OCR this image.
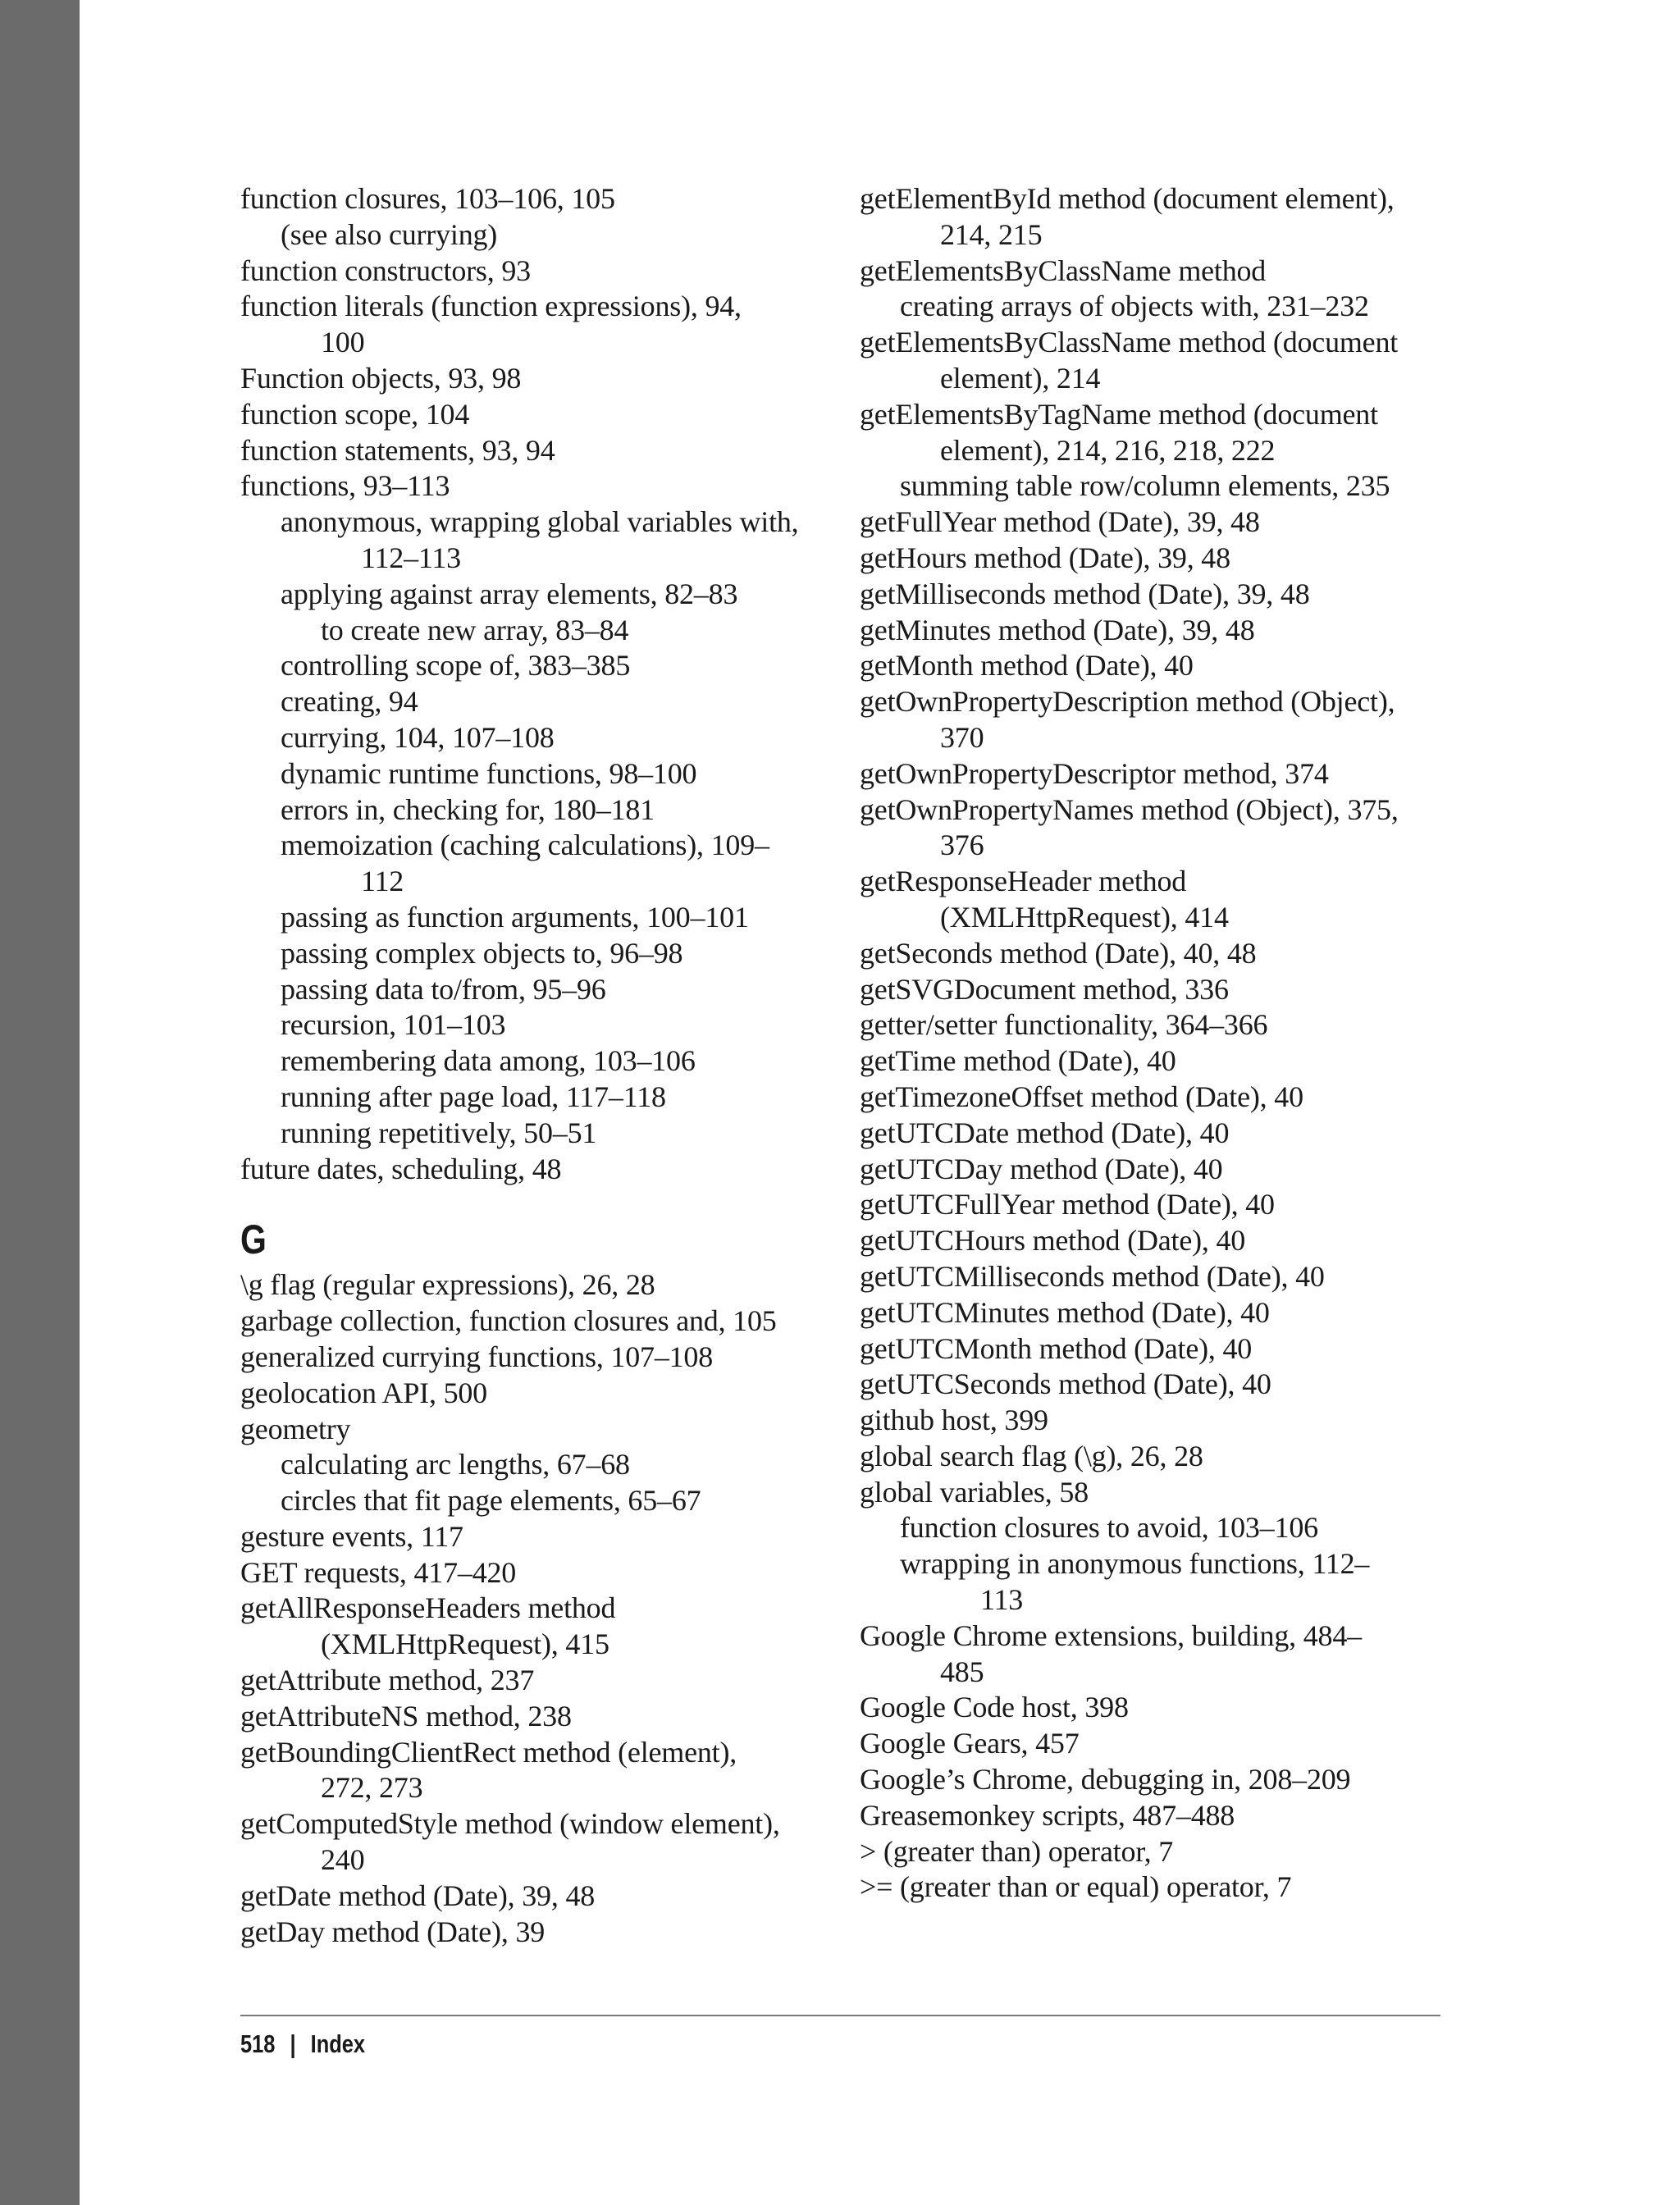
function closures, 103–106, 105
(see also currying)
function constructors, 93
function literals (function expressions), 94,
100
Function objects, 93, 98
function scope, 104
function statements, 93, 94
functions, 93–113
anonymous, wrapping global variables with,
112–113
applying against array elements, 82–83
to create new array, 83–84
controlling scope of, 383–385
creating, 94
currying, 104, 107–108
dynamic runtime functions, 98–100
errors in, checking for, 180–181
memoization (caching calculations), 109–
112
passing as function arguments, 100–101
passing complex objects to, 96–98
passing data to/from, 95–96
recursion, 101–103
remembering data among, 103–106
running after page load, 117–118
running repetitively, 50–51
future dates, scheduling, 48
G
\g flag (regular expressions), 26, 28
garbage collection, function closures and, 105
generalized currying functions, 107–108
geolocation API, 500
geometry
calculating arc lengths, 67–68
circles that fit page elements, 65–67
gesture events, 117
GET requests, 417–420
getAllResponseHeaders method
(XMLHttpRequest), 415
getAttribute method, 237
getAttributeNS method, 238
getBoundingClientRect method (element),
272, 273
getComputedStyle method (window element),
240
getDate method (Date), 39, 48
getDay method (Date), 39
getElementById method (document element),
214, 215
getElementsByClassName method
creating arrays of objects with, 231–232
getElementsByClassName method (document
element), 214
getElementsByTagName method (document
element), 214, 216, 218, 222
summing table row/column elements, 235
getFullYear method (Date), 39, 48
getHours method (Date), 39, 48
getMilliseconds method (Date), 39, 48
getMinutes method (Date), 39, 48
getMonth method (Date), 40
getOwnPropertyDescription method (Object),
370
getOwnPropertyDescriptor method, 374
getOwnPropertyNames method (Object), 375,
376
getResponseHeader method
(XMLHttpRequest), 414
getSeconds method (Date), 40, 48
getSVGDocument method, 336
getter/setter functionality, 364–366
getTime method (Date), 40
getTimezoneOffset method (Date), 40
getUTCDate method (Date), 40
getUTCDay method (Date), 40
getUTCFullYear method (Date), 40
getUTCHours method (Date), 40
getUTCMilliseconds method (Date), 40
getUTCMinutes method (Date), 40
getUTCMonth method (Date), 40
getUTCSeconds method (Date), 40
github host, 399
global search flag (\g), 26, 28
global variables, 58
function closures to avoid, 103–106
wrapping in anonymous functions, 112–
113
Google Chrome extensions, building, 484–
485
Google Code host, 398
Google Gears, 457
Google’s Chrome, debugging in, 208–209
Greasemonkey scripts, 487–488
> (greater than) operator, 7
>= (greater than or equal) operator, 7
518 | Index
